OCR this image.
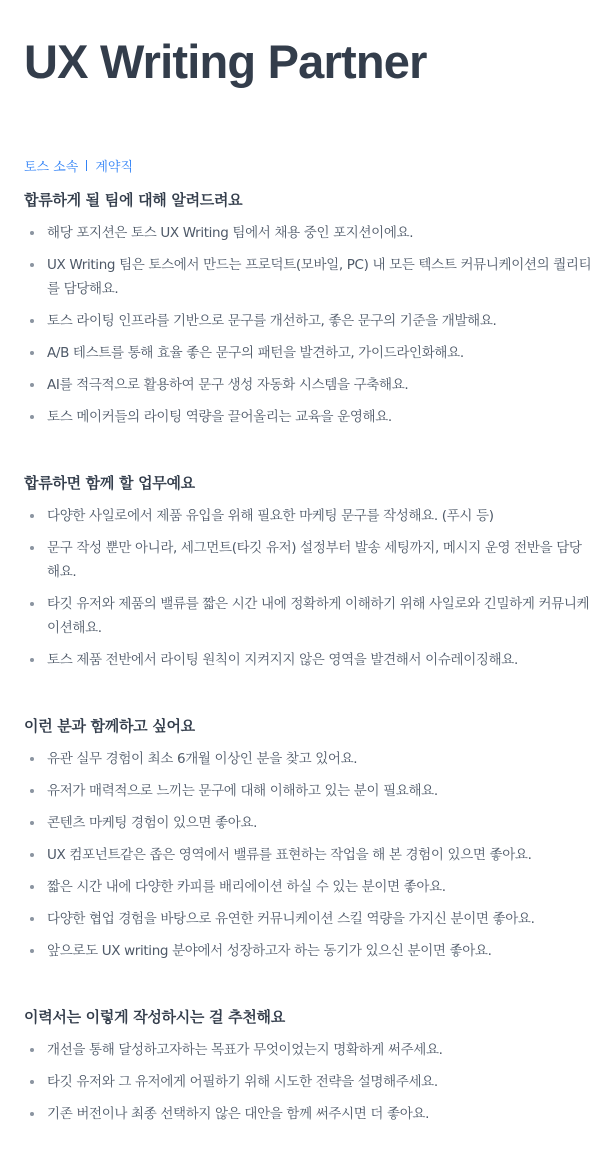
UX Writing Partner
토스 소속 계약직
합류하게 될 팀에 대해 알려드려요
해당 포지션은 토스 UX Writing 팀에서 채용 중인 포지션이에요.
UX Writing 팀은 토스에서 만드는 프로덕트(모바일, PC) 내 모든 텍스트 커뮤니케이션의 퀄리티를 담당해요.
토스 라이팅 인프라를 기반으로 문구를 개선하고, 좋은 문구의 기준을 개발해요.
A/B 테스트를 통해 효율 좋은 문구의 패턴을 발견하고, 가이드라인화해요.
AI를 적극적으로 활용하여 문구 생성 자동화 시스템을 구축해요.
토스 메이커들의 라이팅 역량을 끌어올리는 교육을 운영해요.
합류하면 함께 할 업무예요
다양한 사일로에서 제품 유입을 위해 필요한 마케팅 문구를 작성해요. (푸시 등)
문구 작성 뿐만 아니라, 세그먼트(타깃 유저) 설정부터 발송 세팅까지, 메시지 운영 전반을 담당해요.
타깃 유저와 제품의 밸류를 짧은 시간 내에 정확하게 이해하기 위해 사일로와 긴밀하게 커뮤니케이션해요.
토스 제품 전반에서 라이팅 원칙이 지켜지지 않은 영역을 발견해서 이슈레이징해요.
이런 분과 함께하고 싶어요
유관 실무 경험이 최소 6개월 이상인 분을 찾고 있어요.
유저가 매력적으로 느끼는 문구에 대해 이해하고 있는 분이 필요해요.
콘텐츠 마케팅 경험이 있으면 좋아요.
UX 컴포넌트같은 좁은 영역에서 밸류를 표현하는 작업을 해 본 경험이 있으면 좋아요.
짧은 시간 내에 다양한 카피를 배리에이션 하실 수 있는 분이면 좋아요.
다양한 협업 경험을 바탕으로 유연한 커뮤니케이션 스킬 역량을 가지신 분이면 좋아요.
앞으로도 UX writing 분야에서 성장하고자 하는 동기가 있으신 분이면 좋아요.
이력서는 이렇게 작성하시는 걸 추천해요
개선을 통해 달성하고자하는 목표가 무엇이었는지 명확하게 써주세요.
타깃 유저와 그 유저에게 어필하기 위해 시도한 전략을 설명해주세요.
기존 버전이나 최종 선택하지 않은 대안을 함께 써주시면 더 좋아요.
